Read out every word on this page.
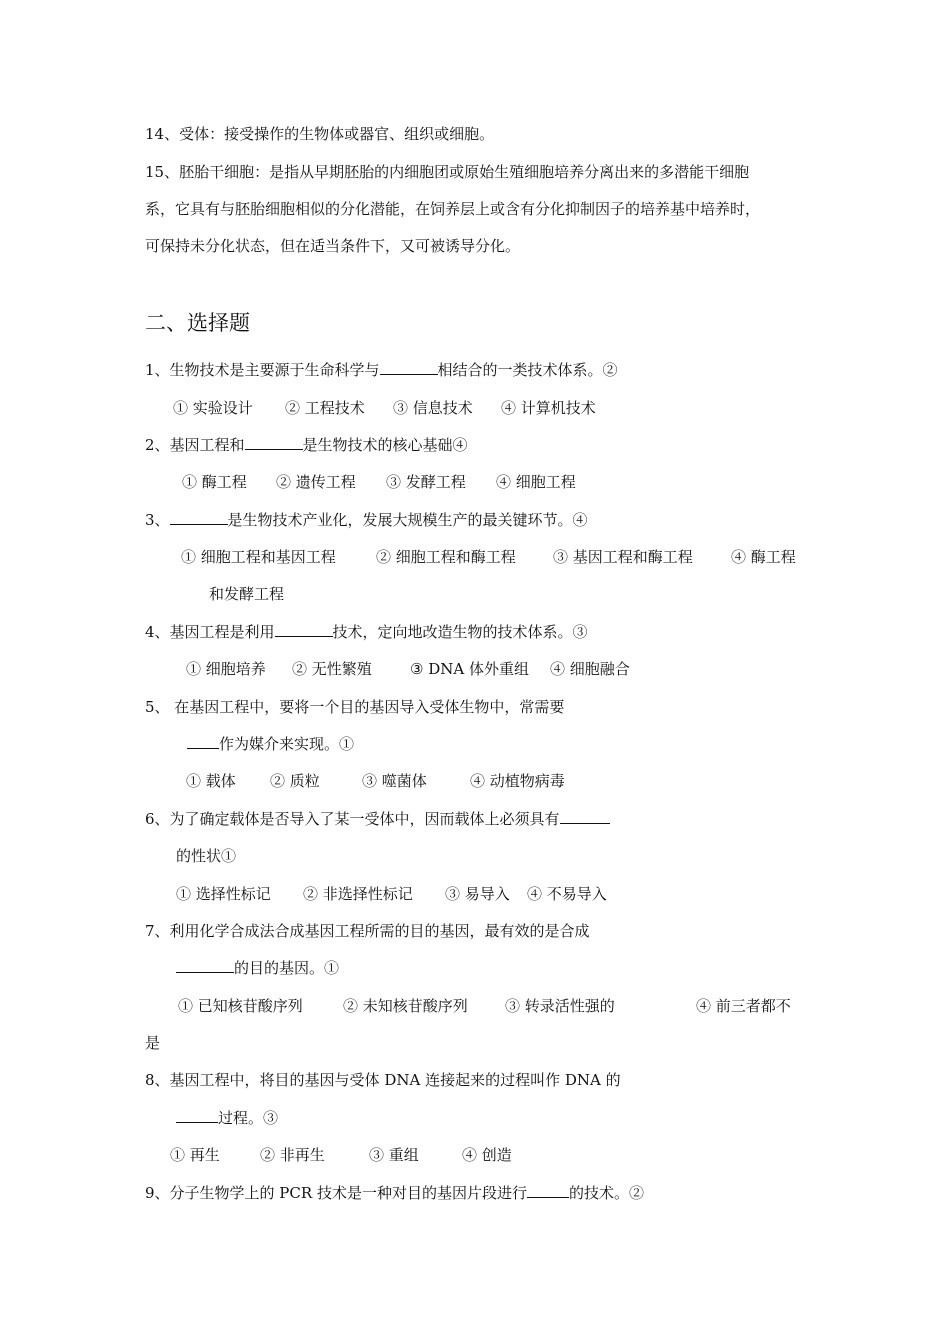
14、受体：接受操作的生物体或器官、组织或细胞。
15、胚胎干细胞：是指从早期胚胎的内细胞团或原始生殖细胞培养分离出来的多潜能干细胞
系，它具有与胚胎细胞相似的分化潜能，在饲养层上或含有分化抑制因子的培养基中培养时，
可保持未分化状态，但在适当条件下，又可被诱导分化。
二、选择题
1、生物技术是主要源于生命科学与	相结合的一类技术体系。②
① 实验设计 ② 工程技术 ③ 信息技术 ④ 计算机技术
2、基因工程和	是生物技术的核心基础④
① 酶工程 ② 遗传工程 ③ 发酵工程 ④ 细胞工程
3、	是生物技术产业化，发展大规模生产的最关键环节。④
① 细胞工程和基因工程	② 细胞工程和酶工程 ③ 基因工程和酶工程	④ 酶工程
和发酵工程
4、基因工程是利用	技术，定向地改造生物的技术体系。③
① 细胞培养 ② 无性繁殖	③ DNA 体外重组 ④ 细胞融合
5、 在基因工程中，要将一个目的基因导入受体生物中，常需要
作为媒介来实现。①
① 载体 ② 质粒	③ 噬菌体	④ 动植物病毒
6、为了确定载体是否导入了某一受体中，因而载体上必须具有
的性状①
① 选择性标记 ② 非选择性标记 ③ 易导入 ④ 不易导入
7、利用化学合成法合成基因工程所需的目的基因，最有效的是合成
的目的基因。①
① 已知核苷酸序列	② 未知核苷酸序列 ③ 转录活性强的	④ 前三者都不
是
8、基因工程中，将目的基因与受体 DNA 连接起来的过程叫作 DNA 的
过程。③
① 再生	② 非再生	③ 重组	④ 创造
9、分子生物学上的 PCR 技术是一种对目的基因片段进行	的技术。②
